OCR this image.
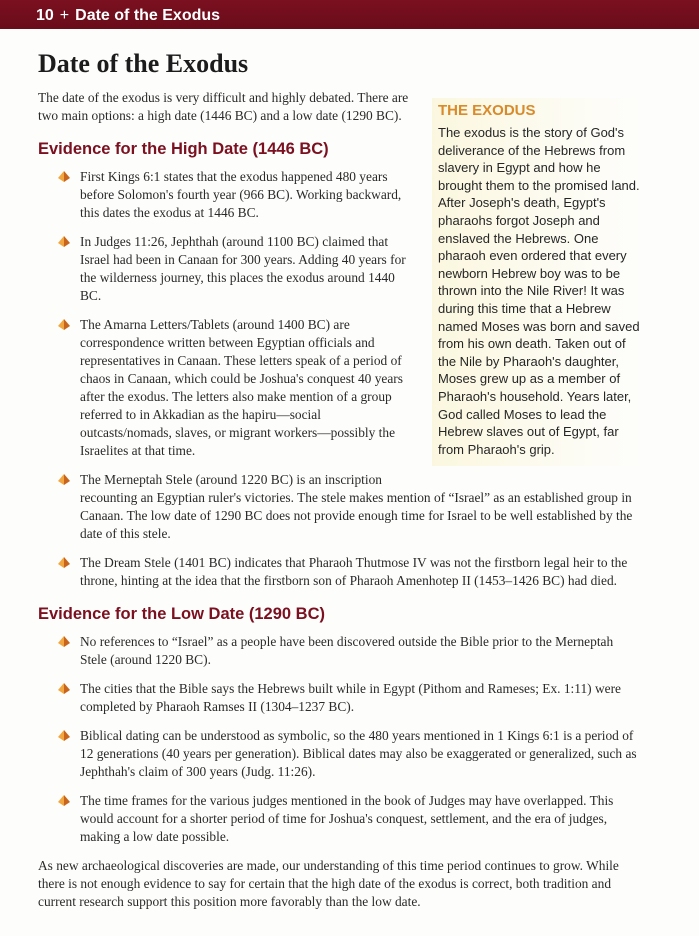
10 + Date of the Exodus
Date of the Exodus
THE EXODUS

The exodus is the story of God's deliverance of the Hebrews from slavery in Egypt and how he brought them to the promised land. After Joseph's death, Egypt's pharaohs forgot Joseph and enslaved the Hebrews. One pharaoh even ordered that every newborn Hebrew boy was to be thrown into the Nile River! It was during this time that a Hebrew named Moses was born and saved from his own death. Taken out of the Nile by Pharaoh's daughter, Moses grew up as a member of Pharaoh's household. Years later, God called Moses to lead the Hebrew slaves out of Egypt, far from Pharaoh's grip.

The date of the exodus is very difficult and highly debated. There are two main options: a high date (1446 BC) and a low date (1290 BC).

Evidence for the High Date (1446 BC)
First Kings 6:1 states that the exodus happened 480 years before Solomon's fourth year (966 BC). Working backward, this dates the exodus at 1446 BC.
In Judges 11:26, Jephthah (around 1100 BC) claimed that Israel had been in Canaan for 300 years. Adding 40 years for the wilderness journey, this places the exodus around 1440 BC.
The Amarna Letters/Tablets (around 1400 BC) are correspondence written between Egyptian officials and representatives in Canaan. These letters speak of a period of chaos in Canaan, which could be Joshua's conquest 40 years after the exodus. The letters also make mention of a group referred to in Akkadian as the hapiru—social outcasts/nomads, slaves, or migrant workers—possibly the Israelites at that time.
The Merneptah Stele (around 1220 BC) is an inscription recounting an Egyptian ruler's victories. The stele makes mention of “Israel” as an established group in Canaan. The low date of 1290 BC does not provide enough time for Israel to be well established by the date of this stele.
The Dream Stele (1401 BC) indicates that Pharaoh Thutmose IV was not the firstborn legal heir to the throne, hinting at the idea that the firstborn son of Pharaoh Amenhotep II (1453–1426 BC) had died.
Evidence for the Low Date (1290 BC)
No references to “Israel” as a people have been discovered outside the Bible prior to the Merneptah Stele (around 1220 BC).
The cities that the Bible says the Hebrews built while in Egypt (Pithom and Rameses; Ex. 1:11) were completed by Pharaoh Ramses II (1304–1237 BC).
Biblical dating can be understood as symbolic, so the 480 years mentioned in 1 Kings 6:1 is a period of 12 generations (40 years per generation). Biblical dates may also be exaggerated or generalized, such as Jephthah's claim of 300 years (Judg. 11:26).
The time frames for the various judges mentioned in the book of Judges may have overlapped. This would account for a shorter period of time for Joshua's conquest, settlement, and the era of judges, making a low date possible.

As new archaeological discoveries are made, our understanding of this time period continues to grow. While there is not enough evidence to say for certain that the high date of the exodus is correct, both tradition and current research support this position more favorably than the low date.
